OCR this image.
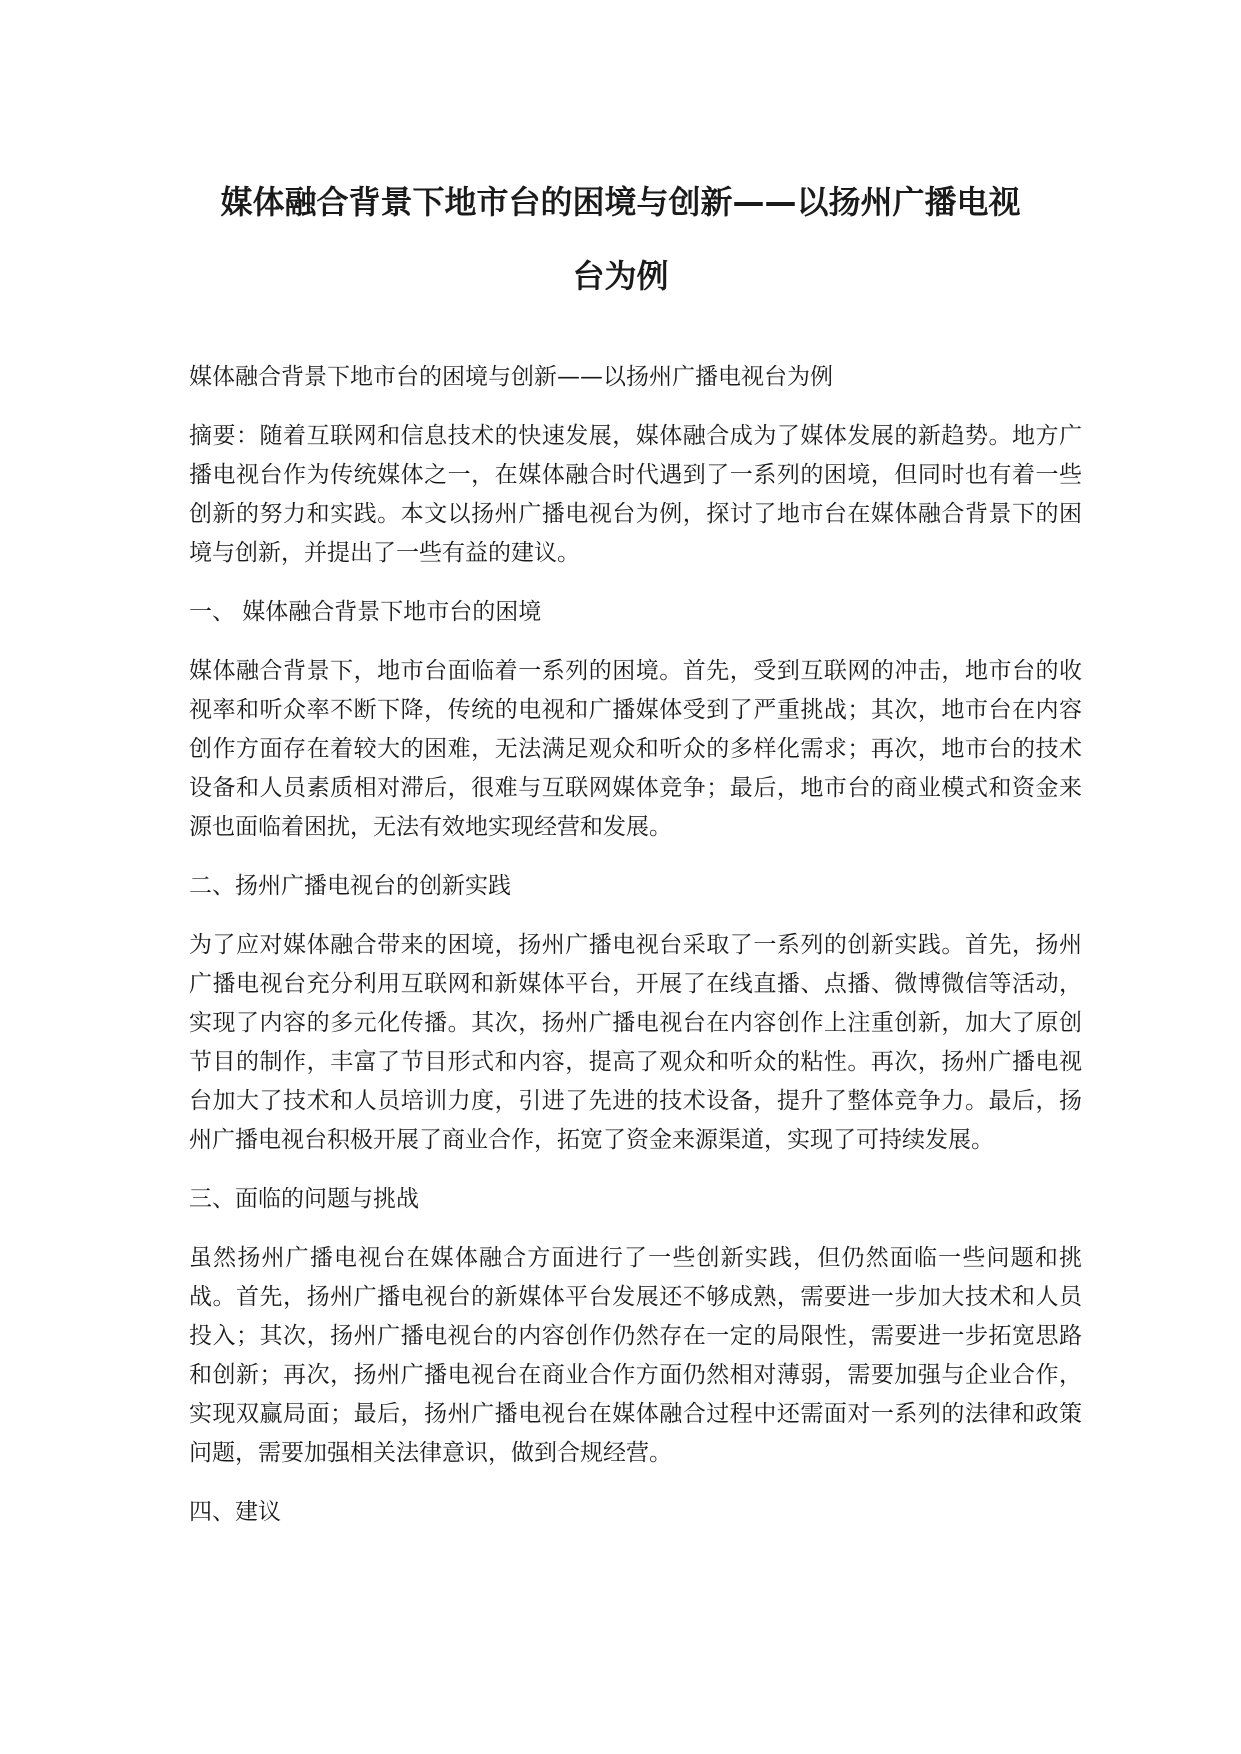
媒体融合背景下地市台的困境与创新——以扬州广播电视
台为例

媒体融合背景下地市台的困境与创新——以扬州广播电视台为例

摘要：随着互联网和信息技术的快速发展，媒体融合成为了媒体发展的新趋势。地方广播电视台作为传统媒体之一，在媒体融合时代遇到了一系列的困境，但同时也有着一些创新的努力和实践。本文以扬州广播电视台为例，探讨了地市台在媒体融合背景下的困境与创新，并提出了一些有益的建议。

一、 媒体融合背景下地市台的困境

媒体融合背景下，地市台面临着一系列的困境。首先，受到互联网的冲击，地市台的收视率和听众率不断下降，传统的电视和广播媒体受到了严重挑战；其次，地市台在内容创作方面存在着较大的困难，无法满足观众和听众的多样化需求；再次，地市台的技术设备和人员素质相对滞后，很难与互联网媒体竞争；最后，地市台的商业模式和资金来源也面临着困扰，无法有效地实现经营和发展。

二、扬州广播电视台的创新实践

为了应对媒体融合带来的困境，扬州广播电视台采取了一系列的创新实践。首先，扬州广播电视台充分利用互联网和新媒体平台，开展了在线直播、点播、微博微信等活动，实现了内容的多元化传播。其次，扬州广播电视台在内容创作上注重创新，加大了原创节目的制作，丰富了节目形式和内容，提高了观众和听众的粘性。再次，扬州广播电视台加大了技术和人员培训力度，引进了先进的技术设备，提升了整体竞争力。最后，扬州广播电视台积极开展了商业合作，拓宽了资金来源渠道，实现了可持续发展。

三、面临的问题与挑战

虽然扬州广播电视台在媒体融合方面进行了一些创新实践，但仍然面临一些问题和挑战。首先，扬州广播电视台的新媒体平台发展还不够成熟，需要进一步加大技术和人员投入；其次，扬州广播电视台的内容创作仍然存在一定的局限性，需要进一步拓宽思路和创新；再次，扬州广播电视台在商业合作方面仍然相对薄弱，需要加强与企业合作，实现双赢局面；最后，扬州广播电视台在媒体融合过程中还需面对一系列的法律和政策问题，需要加强相关法律意识，做到合规经营。

四、建议
